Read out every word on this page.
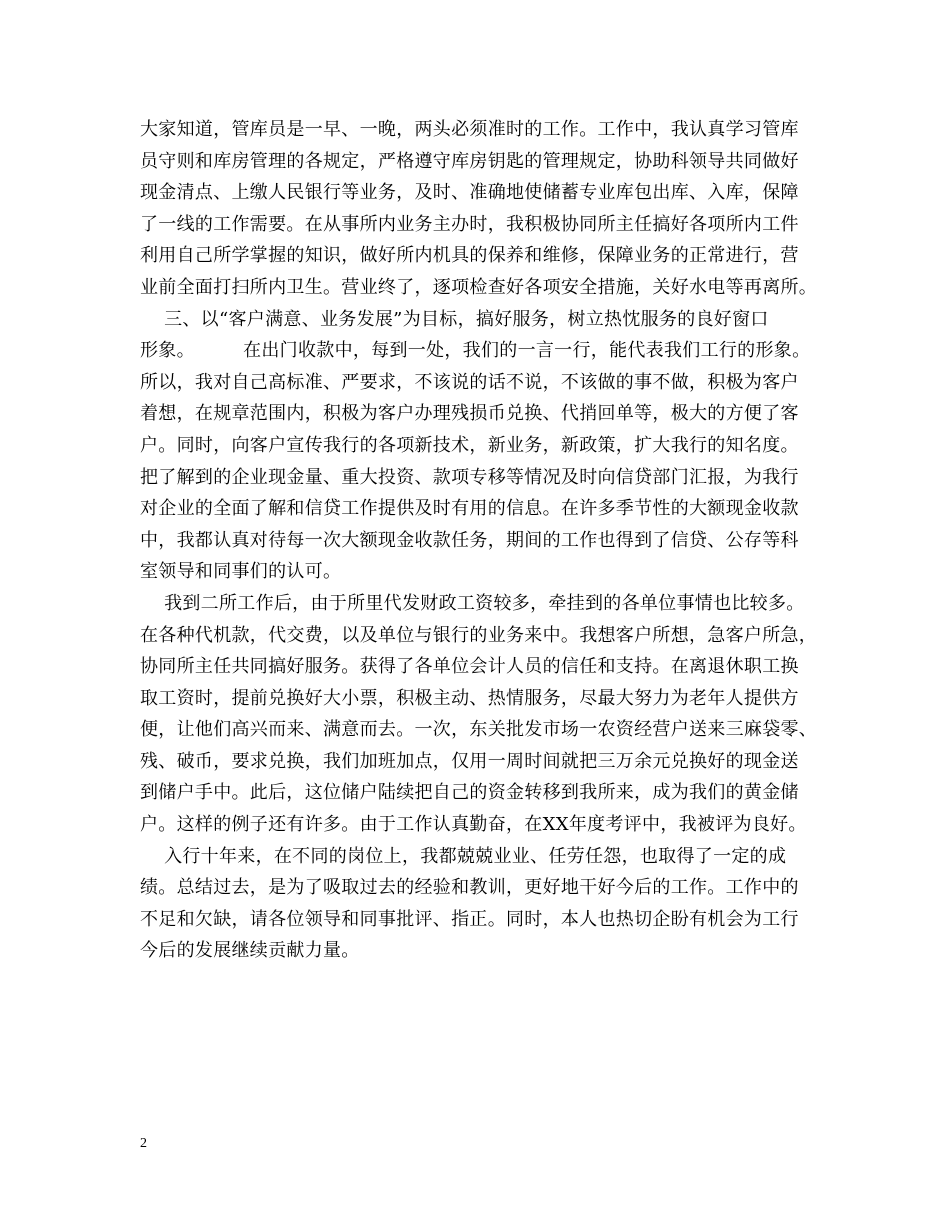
大家知道，管库员是一早、一晚，两头必须准时的工作。工作中，我认真学习管库
员守则和库房管理的各规定，严格遵守库房钥匙的管理规定，协助科领导共同做好
现金清点、上缴人民银行等业务，及时、准确地使储蓄专业库包出库、入库，保障
了一线的工作需要。在从事所内业务主办时，我积极协同所主任搞好各项所内工件
利用自己所学掌握的知识，做好所内机具的保养和维修，保障业务的正常进行，营
业前全面打扫所内卫生。营业终了，逐项检查好各项安全措施，关好水电等再离所。
三、以“客户满意、业务发展”为目标，搞好服务，树立热忱服务的良好窗口
形象。        在出门收款中，每到一处，我们的一言一行，能代表我们工行的形象。
所以，我对自己高标准、严要求，不该说的话不说，不该做的事不做，积极为客户
着想，在规章范围内，积极为客户办理残损币兑换、代捎回单等，极大的方便了客
户。同时，向客户宣传我行的各项新技术，新业务，新政策，扩大我行的知名度。
把了解到的企业现金量、重大投资、款项专移等情况及时向信贷部门汇报，为我行
对企业的全面了解和信贷工作提供及时有用的信息。在许多季节性的大额现金收款
中，我都认真对待每一次大额现金收款任务，期间的工作也得到了信贷、公存等科
室领导和同事们的认可。
我到二所工作后，由于所里代发财政工资较多，牵挂到的各单位事情也比较多。
在各种代机款，代交费，以及单位与银行的业务来中。我想客户所想，急客户所急，
协同所主任共同搞好服务。获得了各单位会计人员的信任和支持。在离退休职工换
取工资时，提前兑换好大小票，积极主动、热情服务，尽最大努力为老年人提供方
便，让他们高兴而来、满意而去。一次，东关批发市场一农资经营户送来三麻袋零、
残、破币，要求兑换，我们加班加点，仅用一周时间就把三万余元兑换好的现金送
到储户手中。此后，这位储户陆续把自己的资金转移到我所来，成为我们的黄金储
户。这样的例子还有许多。由于工作认真勤奋，在XX年度考评中，我被评为良好。
入行十年来，在不同的岗位上，我都兢兢业业、任劳任怨，也取得了一定的成
绩。总结过去，是为了吸取过去的经验和教训，更好地干好今后的工作。工作中的
不足和欠缺，请各位领导和同事批评、指正。同时，本人也热切企盼有机会为工行
今后的发展继续贡献力量。
2
